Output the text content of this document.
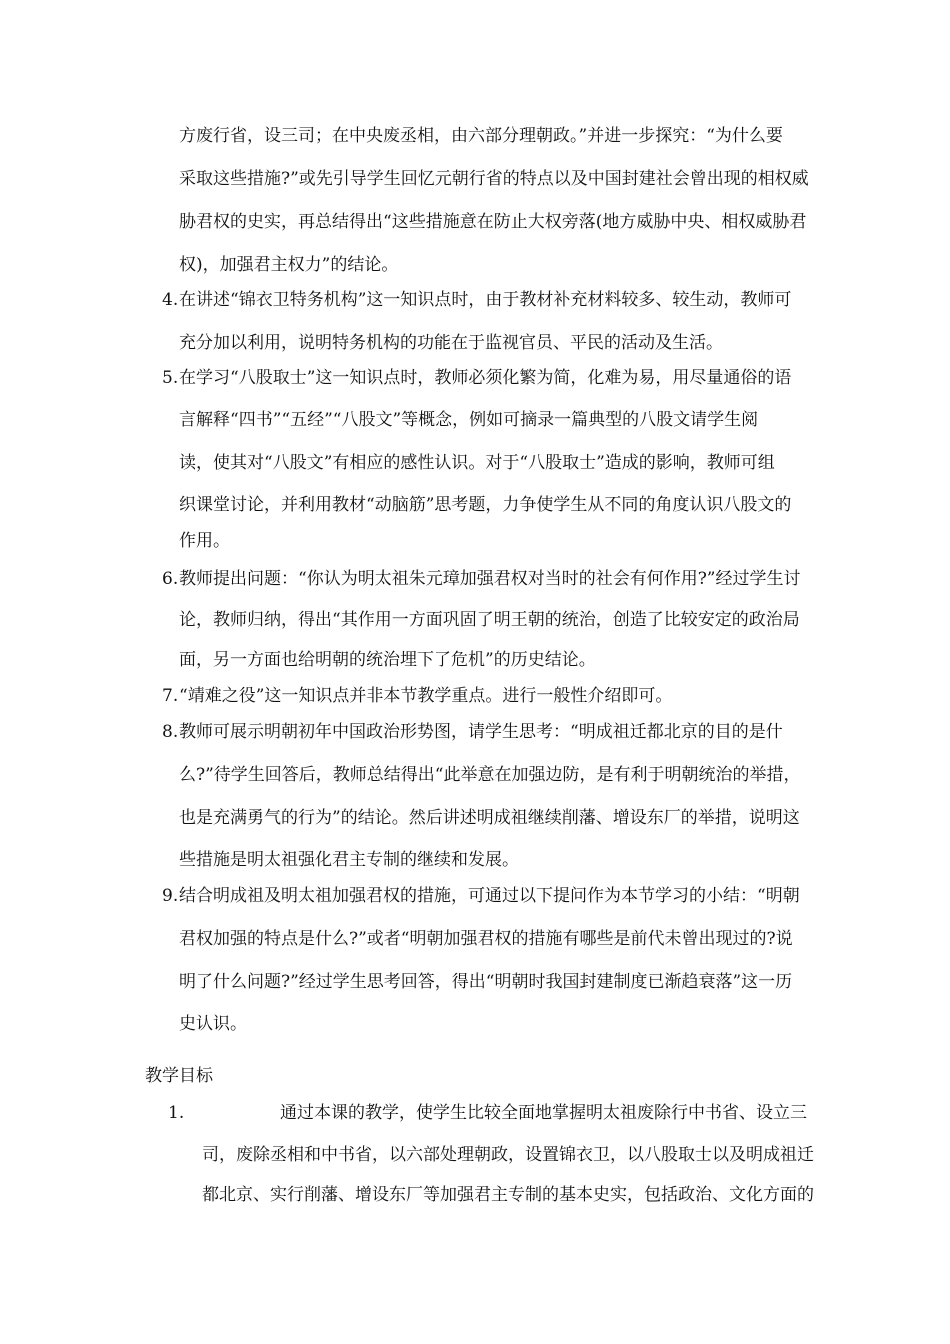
方废行省，设三司；在中央废丞相，由六部分理朝政。”并进一步探究：“为什么要
采取这些措施?”或先引导学生回忆元朝行省的特点以及中国封建社会曾出现的相权威
胁君权的史实，再总结得出“这些措施意在防止大权旁落(地方威胁中央、相权威胁君
权)，加强君主权力”的结论。
4. 在讲述“锦衣卫特务机构”这一知识点时，由于教材补充材料较多、较生动，教师可
充分加以利用，说明特务机构的功能在于监视官员、平民的活动及生活。
5. 在学习“八股取士”这一知识点时，教师必须化繁为简，化难为易，用尽量通俗的语
言解释“四书”“五经”“八股文”等概念，例如可摘录一篇典型的八股文请学生阅
读，使其对“八股文”有相应的感性认识。对于“八股取士”造成的影响，教师可组
织课堂讨论，并利用教材“动脑筋”思考题，力争使学生从不同的角度认识八股文的
作用。
6. 教师提出问题：“你认为明太祖朱元璋加强君权对当时的社会有何作用?”经过学生讨
论，教师归纳，得出“其作用一方面巩固了明王朝的统治，创造了比较安定的政治局
面，另一方面也给明朝的统治埋下了危机”的历史结论。
7. “靖难之役”这一知识点并非本节教学重点。进行一般性介绍即可。
8. 教师可展示明朝初年中国政治形势图，请学生思考：“明成祖迁都北京的目的是什
么?”待学生回答后，教师总结得出“此举意在加强边防，是有利于明朝统治的举措，
也是充满勇气的行为”的结论。然后讲述明成祖继续削藩、增设东厂的举措，说明这
些措施是明太祖强化君主专制的继续和发展。
9. 结合明成祖及明太祖加强君权的措施，可通过以下提问作为本节学习的小结：“明朝
君权加强的特点是什么?”或者“明朝加强君权的措施有哪些是前代未曾出现过的?说
明了什么问题?”经过学生思考回答，得出“明朝时我国封建制度已渐趋衰落”这一历
史认识。
教学目标
1.	通过本课的教学，使学生比较全面地掌握明太祖废除行中书省、设立三
司，废除丞相和中书省，以六部处理朝政，设置锦衣卫，以八股取士以及明成祖迁
都北京、实行削藩、增设东厂等加强君主专制的基本史实，包括政治、文化方面的
